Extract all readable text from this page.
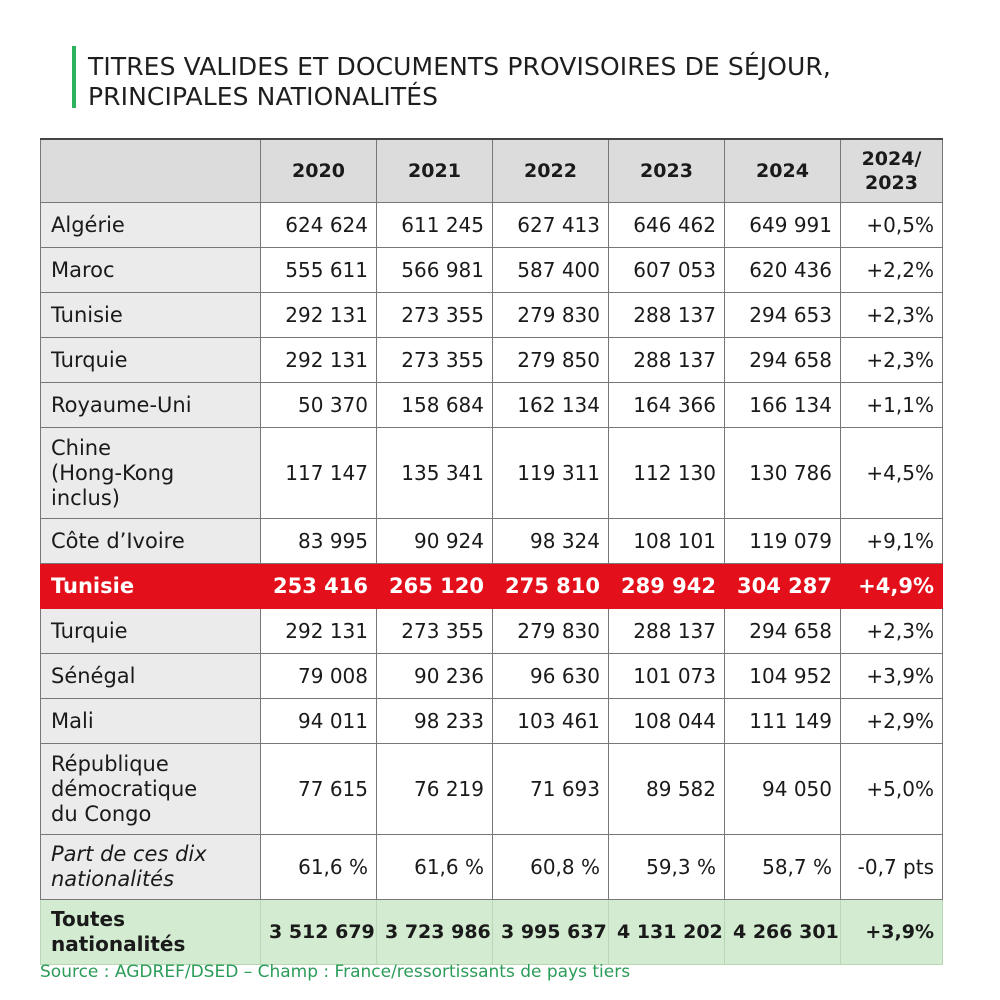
TITRES VALIDES ET DOCUMENTS PROVISOIRES DE SÉJOUR,
PRINCIPALES NATIONALITÉS
	2020	2021	2022	2023	2024	2024/
2023
Algérie	624 624	611 245	627 413	646 462	649 991	+0,5%
Maroc	555 611	566 981	587 400	607 053	620 436	+2,2%
Tunisie	292 131	273 355	279 830	288 137	294 653	+2,3%
Turquie	292 131	273 355	279 850	288 137	294 658	+2,3%
Royaume-Uni	50 370	158 684	162 134	164 366	166 134	+1,1%
Chine
(Hong-Kong
inclus)	117 147	135 341	119 311	112 130	130 786	+4,5%
Côte d’Ivoire	83 995	90 924	98 324	108 101	119 079	+9,1%
Tunisie	253 416	265 120	275 810	289 942	304 287	+4,9%
Turquie	292 131	273 355	279 830	288 137	294 658	+2,3%
Sénégal	79 008	90 236	96 630	101 073	104 952	+3,9%
Mali	94 011	98 233	103 461	108 044	111 149	+2,9%
République
démocratique
du Congo	77 615	76 219	71 693	89 582	94 050	+5,0%
Part de ces dix
nationalités	61,6 %	61,6 %	60,8 %	59,3 %	58,7 %	-0,7 pts
Toutes
nationalités	3 512 679	3 723 986	3 995 637	4 131 202	4 266 301	+3,9%
Source : AGDREF/DSED – Champ : France/ressortissants de pays tiers
